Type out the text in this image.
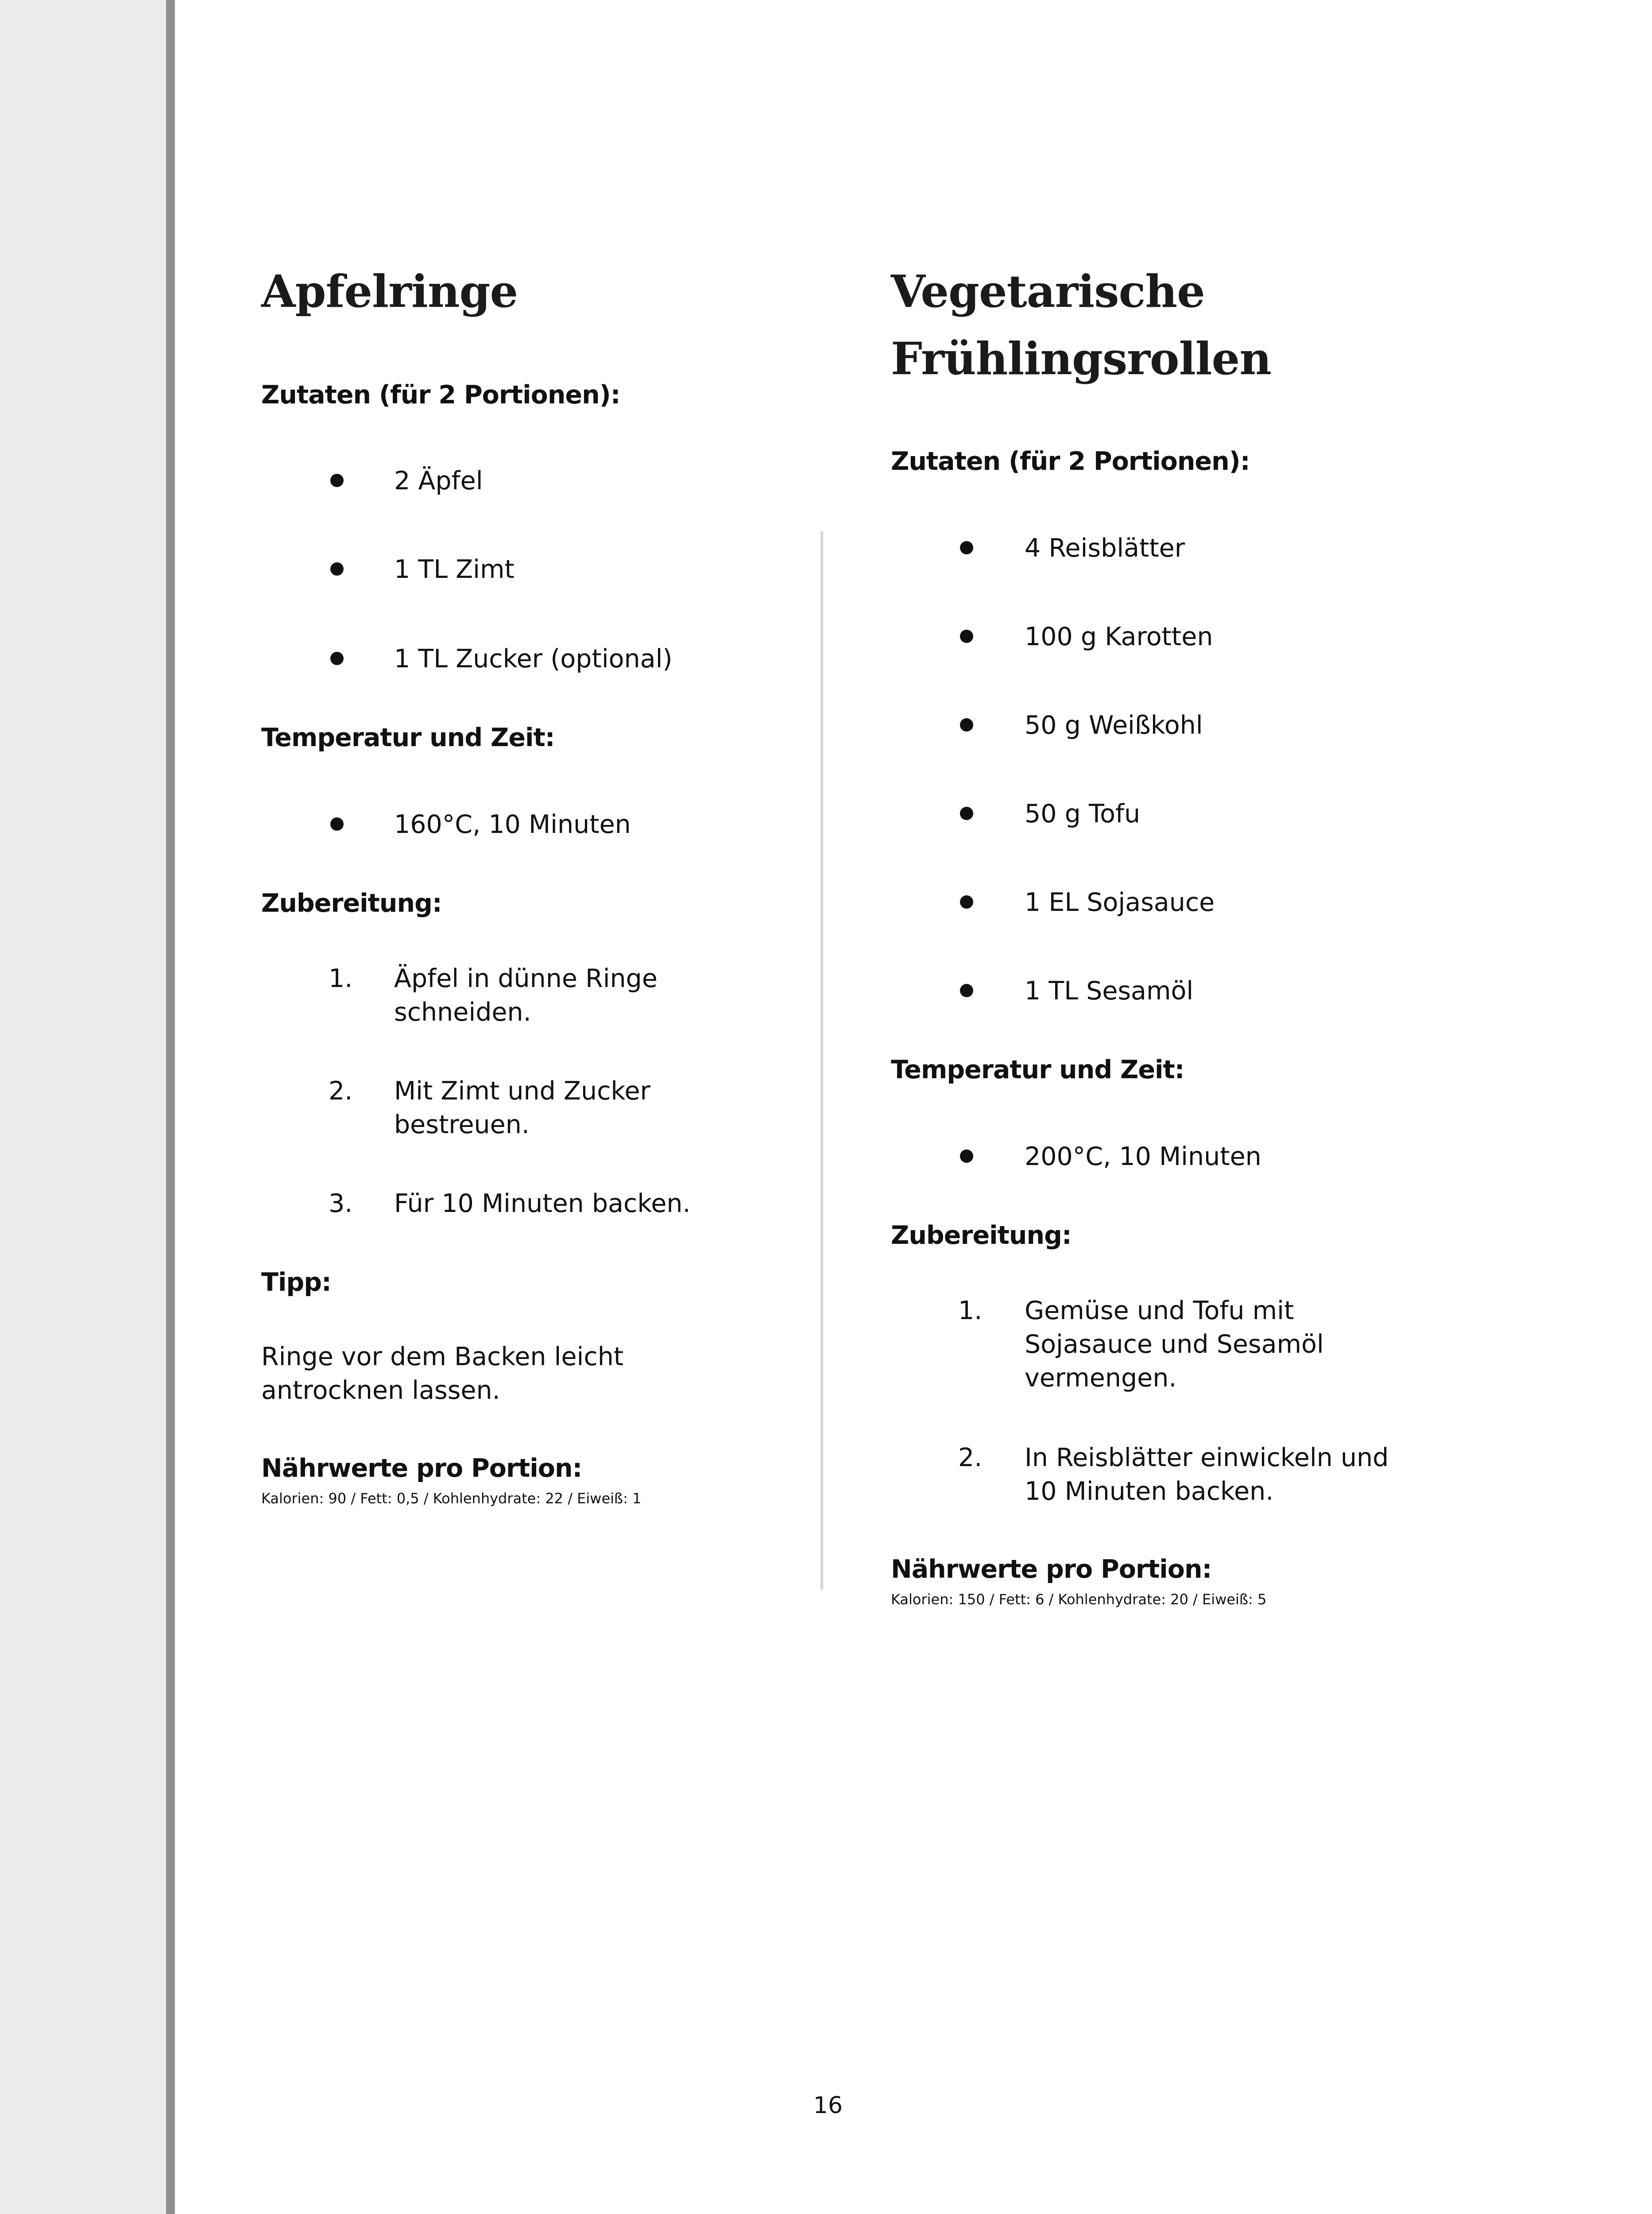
Apfelringe
Zutaten (für 2 Portionen):
2 Äpfel
1 TL Zimt
1 TL Zucker (optional)
Temperatur und Zeit:
160°C, 10 Minuten
Zubereitung:
1. Äpfel in dünne Ringe schneiden.
2. Mit Zimt und Zucker bestreuen.
3. Für 10 Minuten backen.
Tipp:
Ringe vor dem Backen leicht antrocknen lassen.
Nährwerte pro Portion:
Kalorien: 90 / Fett: 0,5 / Kohlenhydrate: 22 / Eiweiß: 1
Vegetarische
Frühlingsrollen
Zutaten (für 2 Portionen):
4 Reisblätter
100 g Karotten
50 g Weißkohl
50 g Tofu
1 EL Sojasauce
1 TL Sesamöl
Temperatur und Zeit:
200°C, 10 Minuten
Zubereitung:
1. Gemüse und Tofu mit Sojasauce und Sesamöl vermengen.
2. In Reisblätter einwickeln und 10 Minuten backen.
Nährwerte pro Portion:
Kalorien: 150 / Fett: 6 / Kohlenhydrate: 20 / Eiweiß: 5
16
